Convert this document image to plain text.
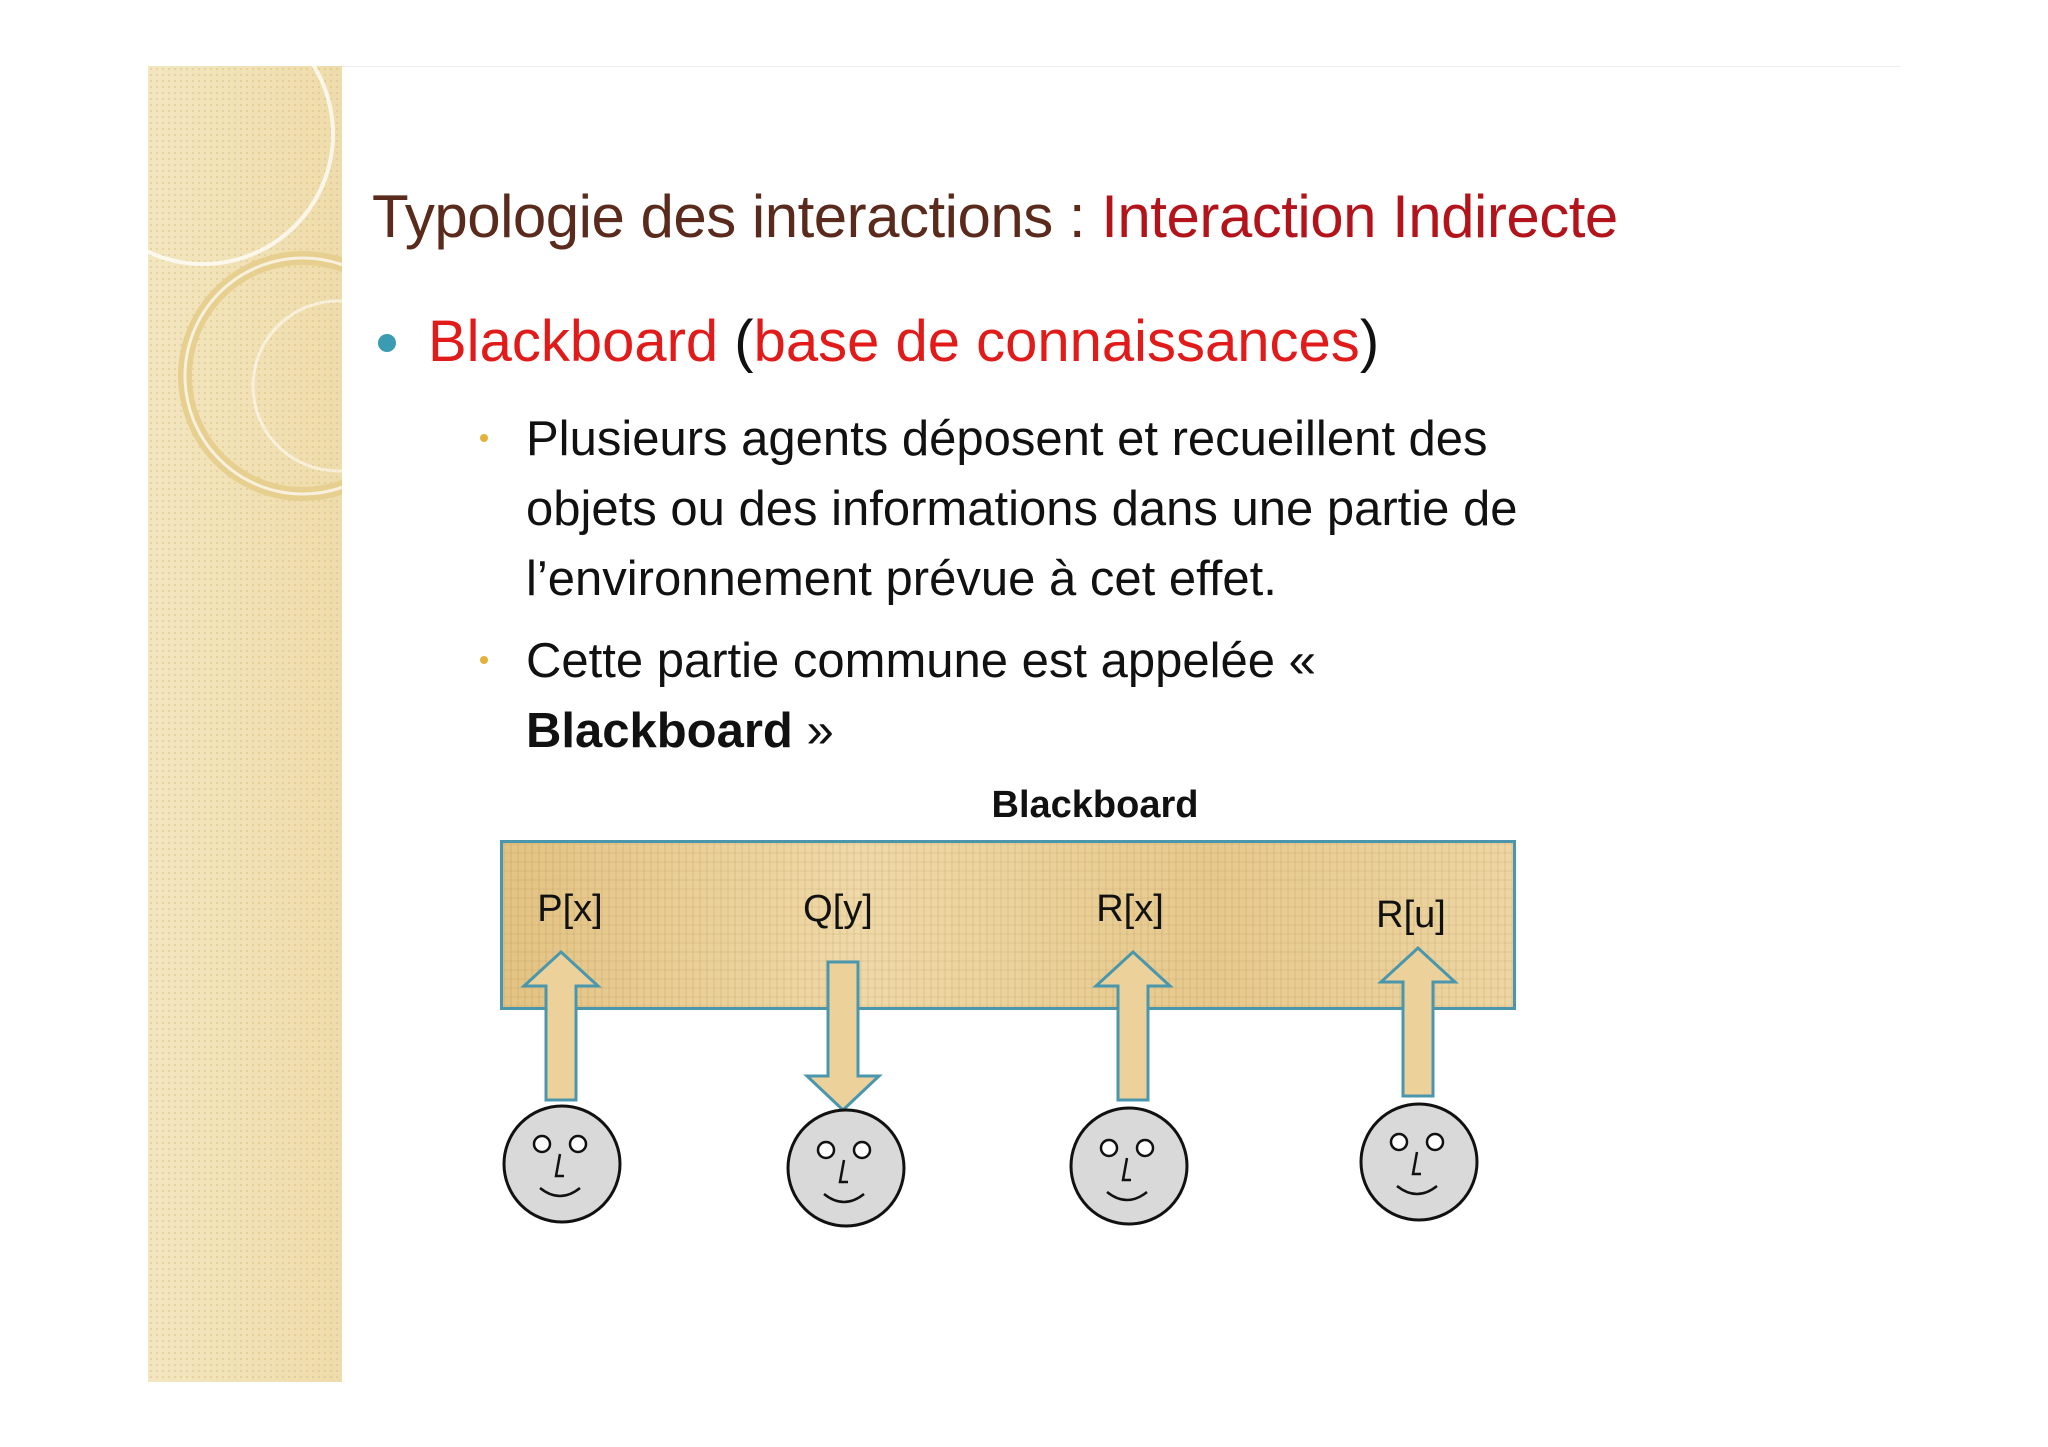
Typologie des interactions : Interaction Indirecte
Blackboard (base de connaissances)
Plusieurs agents déposent et recueillent des
objets ou des informations dans une partie de
l’environnement prévue à cet effet.
Cette partie commune est appelée «
Blackboard »
Blackboard
P[x]	Q[y]	R[x]	R[u]
